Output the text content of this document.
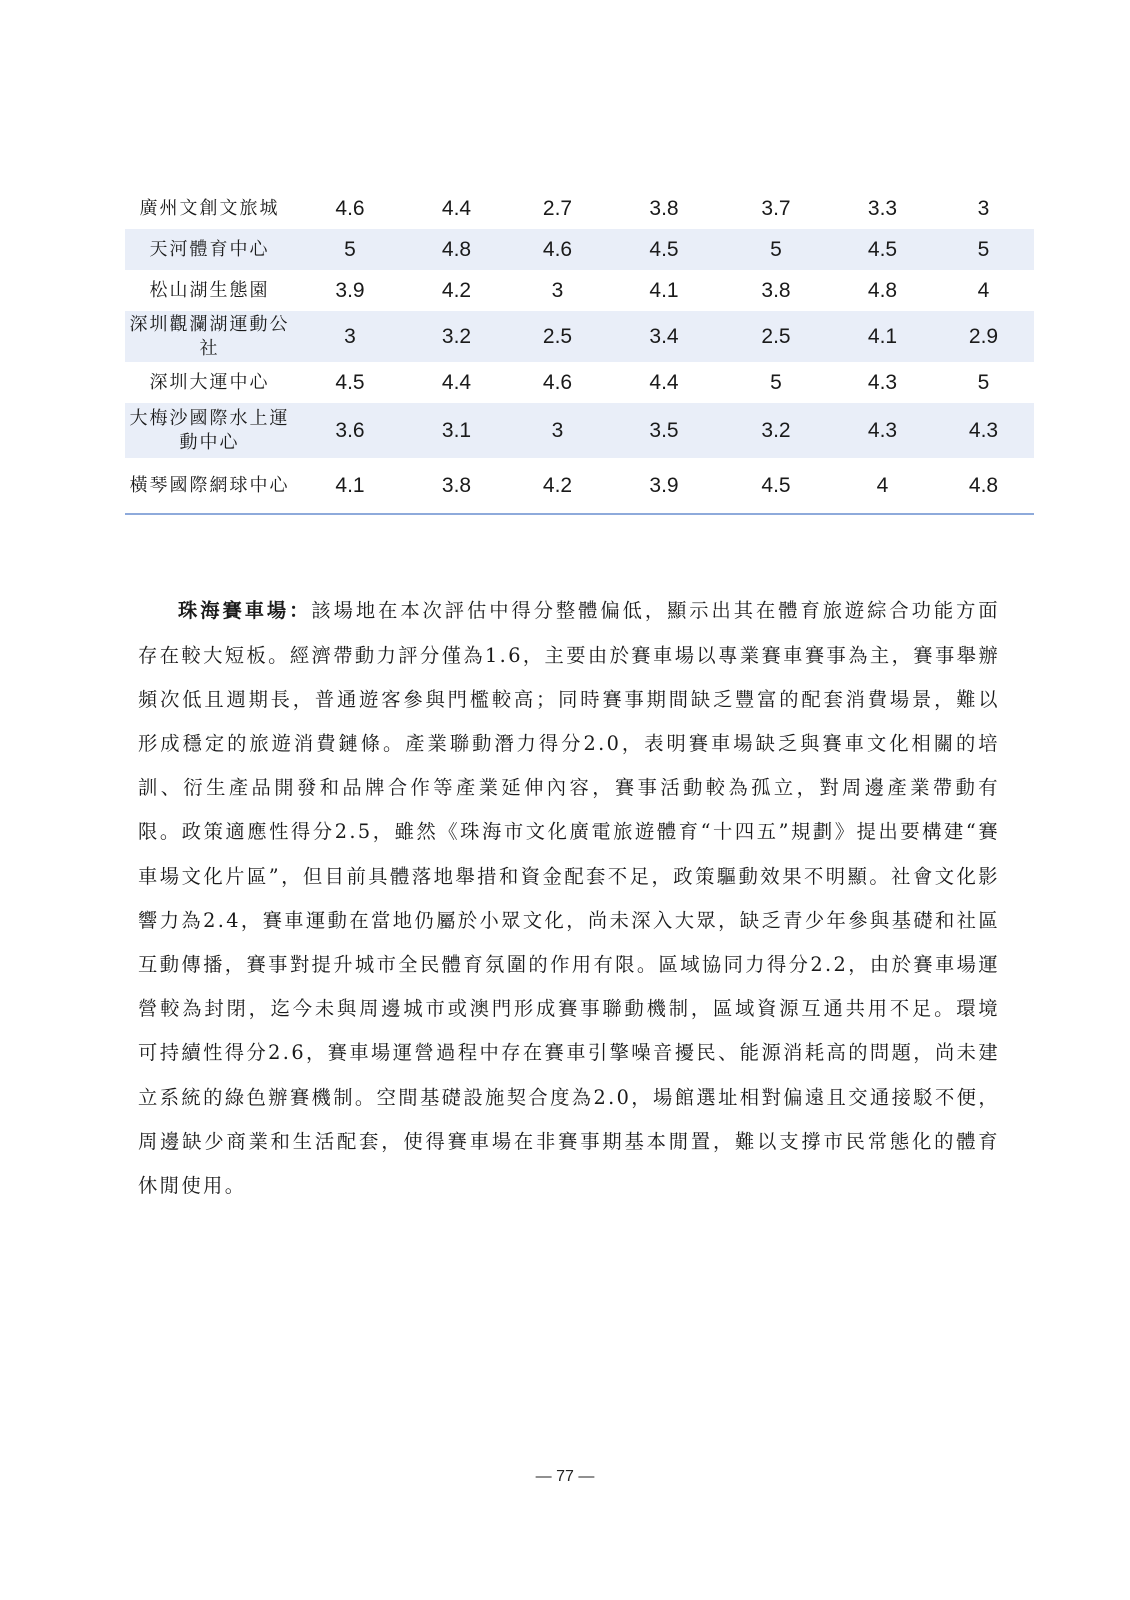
廣州文創文旅城	4.6	4.4	2.7	3.8	3.7	3.3	3
天河體育中心	5	4.8	4.6	4.5	5	4.5	5
松山湖生態園	3.9	4.2	3	4.1	3.8	4.8	4
深圳觀瀾湖運動公社	3	3.2	2.5	3.4	2.5	4.1	2.9
深圳大運中心	4.5	4.4	4.6	4.4	5	4.3	5
大梅沙國際水上運動中心	3.6	3.1	3	3.5	3.2	4.3	4.3
橫琴國際網球中心	4.1	3.8	4.2	3.9	4.5	4	4.8

珠海賽車場：該場地在本次評估中得分整體偏低，顯示出其在體育旅遊綜合功能方面存在較大短板。經濟帶動力評分僅為1.6，主要由於賽車場以專業賽車賽事為主，賽事舉辦頻次低且週期長，普通遊客參與門檻較高；同時賽事期間缺乏豐富的配套消費場景，難以形成穩定的旅遊消費鏈條。產業聯動潛力得分2.0，表明賽車場缺乏與賽車文化相關的培訓、衍生產品開發和品牌合作等產業延伸內容，賽事活動較為孤立，對周邊產業帶動有限。政策適應性得分2.5，雖然《珠海市文化廣電旅遊體育“十四五”規劃》提出要構建“賽車場文化片區”，但目前具體落地舉措和資金配套不足，政策驅動效果不明顯。社會文化影響力為2.4，賽車運動在當地仍屬於小眾文化，尚未深入大眾，缺乏青少年參與基礎和社區互動傳播，賽事對提升城市全民體育氛圍的作用有限。區域協同力得分2.2，由於賽車場運營較為封閉，迄今未與周邊城市或澳門形成賽事聯動機制，區域資源互通共用不足。環境可持續性得分2.6，賽車場運營過程中存在賽車引擎噪音擾民、能源消耗高的問題，尚未建立系統的綠色辦賽機制。空間基礎設施契合度為2.0，場館選址相對偏遠且交通接駁不便，周邊缺少商業和生活配套，使得賽車場在非賽事期基本閒置，難以支撐市民常態化的體育休閒使用。

— 77 —
